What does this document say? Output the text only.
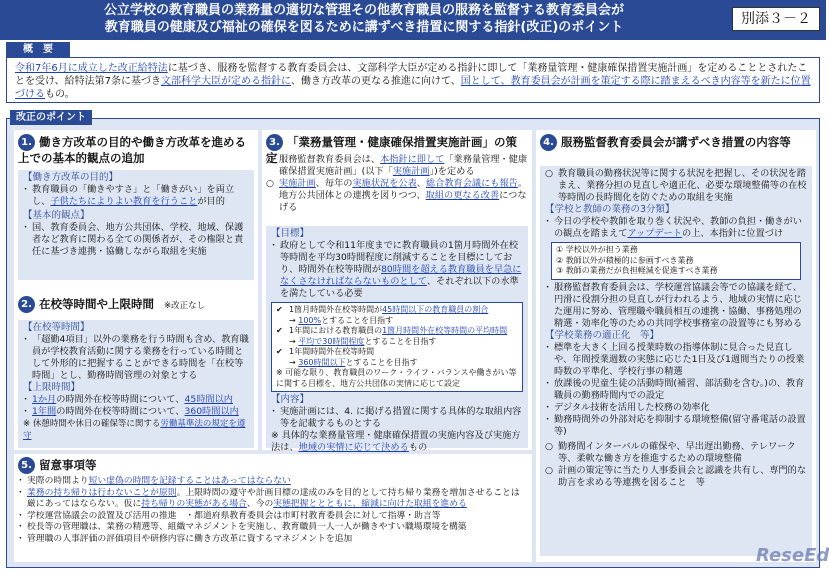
公立学校の教育職員の業務量の適切な管理その他教育職員の服務を監督する教育委員会が
教育職員の健康及び福祉の確保を図るために講ずべき措置に関する指針(改正)のポイント
別添３－２
概　要
令和7年6月に成立した改正給特法に基づき、服務を監督する教育委員会は、文部科学大臣が定める指針に即して「業務量管理・健康確保措置実施計画」を定めることとされたことを受け、給特法第7条に基づき文部科学大臣が定める指針に、働き方改革の更なる推進に向けて、国として、教育委員会が計画を策定する際に踏まえるべき内容等を新たに位置づけるもの。
改正のポイント
1. 働き方改革の目的や働き方改革を進める上での基本的観点の追加
【働き方改革の目的】
・ 教育職員の「働きやすさ」と「働きがい」を両立し、子供たちによりよい教育を行うことが目的
【基本的観点】
・ 国、教育委員会、地方公共団体、学校、地域、保護者など教育に関わる全ての関係者が、その権限と責任に基づき連携・協働しながら取組を実施
2. 在校等時間や上限時間 ※改正なし
【在校等時間】
・ 「超勤4項目」以外の業務を行う時間も含め、教育職員が学校教育活動に関する業務を行っている時間として外形的に把握することができる時間を「在校等時間」とし、勤務時間管理の対象とする
【上限時間】
・ 1か月の時間外在校等時間について、45時間以内
・ 1年間の時間外在校等時間について、360時間以内
※ 休憩時間や休日の確保等に関する労働基準法の規定を遵守
3. 「業務量管理・健康確保措置実施計画」の策定
○ 服務監督教育委員会は、本指針に即して「業務量管理・健康確保措置実施計画」(以下「実施計画」)を定める
○ 実施計画、毎年の実施状況を公表、総合教育会議にも報告。地方公共団体との連携を図りつつ、取組の更なる改善につなげる
【目標】
・ 政府として令和11年度までに教育職員の1箇月時間外在校等時間を平均30時間程度に削減することを目標にしており、時間外在校等時間が80時間を超える教育職員を早急になくさなければならないものとして、それぞれ以下の水準を満たしている必要
✔ 1箇月時間外在校等時間が45時間以下の教育職員の割合
→ 100%とすることを目指す
✔ 1年間における教育職員の1箇月時間外在校等時間の平均時間
→ 平均で30時間程度とすることを目指す
✔ 1年間時間外在校等時間
→ 360時間以下とすることを目指す
※ 可能な限り、教育職員のワーク・ライフ・バランスや働きがい等に関する目標を、地方公共団体の実情に応じて設定
【内容】
・ 実施計画には、4. に掲げる措置に関する具体的な取組内容等を記載するものとする
※ 具体的な業務量管理・健康確保措置の実施内容及び実施方法は、地域の実情に応じて決めるもの
4. 服務監督教育委員会が講ずべき措置の内容等
○ 教育職員の勤務状況等に関する状況を把握し、その状況を踏まえ、業務分担の見直しや適正化、必要な環境整備等の在校等時間の長時間化を防ぐための取組を実施
【学校と教師の業務の3分類】
・ 今日の学校や教師を取り巻く状況や、教師の負担・働きがいの観点を踏まえてアップデートの上、本指針に位置づけ
① 学校以外が担う業務
② 教師以外が積極的に参画すべき業務
③ 教師の業務だが負担軽減を促進すべき業務
・ 服務監督教育委員会は、学校運営協議会等での協議を経て、円滑に役割分担の見直しが行われるよう、地域の実情に応じた運用に努め、管理職や職員相互の連携・協働、事務処理の精選・効率化等のための共同学校事務室の設置等にも努める
【学校業務の適正化　等】
・ 標準を大きく上回る授業時数の指導体制に見合った見直しや、年間授業週数の実態に応じた1日及び1週間当たりの授業時数の平準化、学校行事の精選
・ 放課後の児童生徒の活動時間(補習、部活動を含む。)の、教育職員の勤務時間内での設定
・ デジタル技術を活用した校務の効率化
・ 勤務時間外の外部対応を抑制する環境整備(留守番電話の設置　等)
○ 勤務間インターバルの確保や、早出遅出勤務、テレワーク等、柔軟な働き方を推進するための環境整備
○ 計画の策定等に当たり人事委員会と認識を共有し、専門的な助言を求める等連携を図ること　等
5. 留意事項等
・ 実際の時間より短い虚偽の時間を記録することはあってはならない
・ 業務の持ち帰りは行わないことが原則。上限時間の遵守や計画目標の達成のみを目的として持ち帰り業務を増加させることは厳にあってはならない。仮に持ち帰りの実態がある場合、今の実態把握ととともに、縮減に向けた取組を進める
・ 学校運営協議会の設置及び活用の推進　 ・都道府県教育委員会は市町村教育委員会に対して指導・助言等
・ 校長等の管理職は、業務の精選等、組織マネジメントを実施し、教育職員一人一人が働きやすい職場環境を構築
・ 管理職の人事評価の評価項目や研修内容に働き方改革に資するマネジメントを追加
ReseEd
